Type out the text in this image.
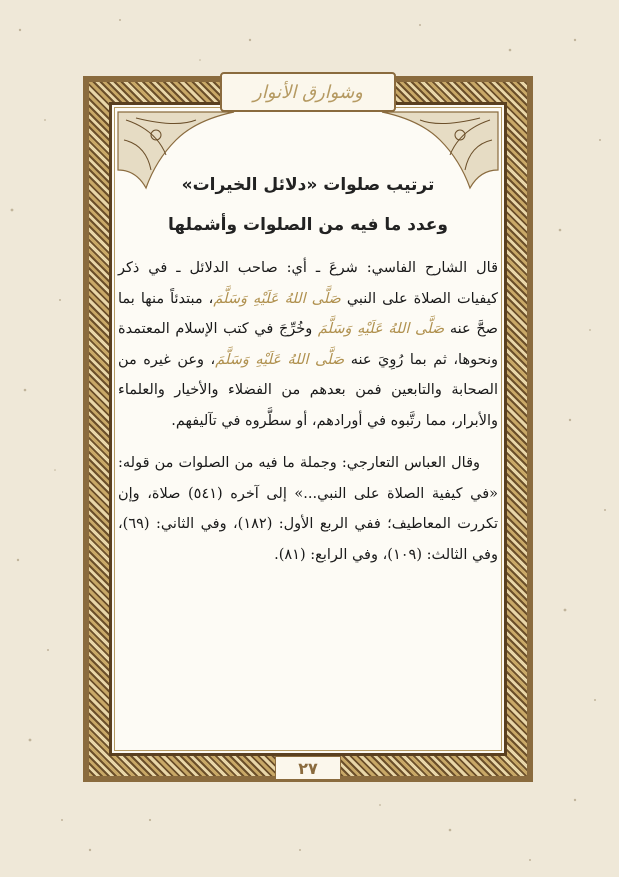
وشوارق الأنوار
ترتيب صلوات «دلائل الخيرات»
وعدد ما فيه من الصلوات وأشملها

قال الشارح الفاسي: شرعَ ـ أي: صاحب الدلائل ـ في ذكر كيفيات الصلاة على النبي صَلَّى اللهُ عَلَيْهِ وَسَلَّمَ، مبتدئاً منها بما صحَّ عنه صَلَّى اللهُ عَلَيْهِ وَسَلَّمَ وخُرِّجَ في كتب الإسلام المعتمدة ونحوها، ثم بما رُوِيَ عنه صَلَّى اللهُ عَلَيْهِ وَسَلَّمَ، وعن غيره من الصحابة والتابعين فمن بعدهم من الفضلاء والأخيار والعلماء والأبرار، مما رتَّبوه في أورادهم، أو سطَّروه في تآليفهم.

وقال العباس التعارجي: وجملة ما فيه من الصلوات من قوله: «في كيفية الصلاة على النبي...» إلى آخره (٥٤١) صلاة، وإن تكررت المعاطيف؛ ففي الربع الأول: (١٨٢)، وفي الثاني: (٦٩)، وفي الثالث: (١٠٩)، وفي الرابع: (٨١).

٢٧
